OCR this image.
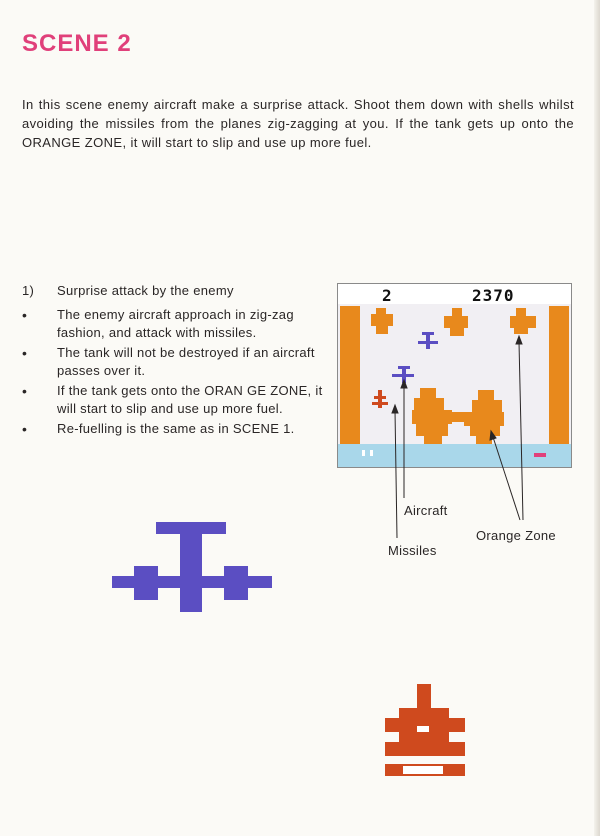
SCENE 2
In this scene enemy aircraft make a surprise attack. Shoot them down with shells whilst avoiding the missiles from the planes zig-zagging at you. If the tank gets up onto the ORANGE ZONE, it will start to slip and use up more fuel.
1)	Surprise attack by the enemy
•	The enemy aircraft approach in zig-zag fashion, and attack with missiles.
•	The tank will not be destroyed if an aircraft passes over it.
•	If the tank gets onto the ORAN GE ZONE, it will start to slip and use up more fuel.
•	Re-fuelling is the same as in SCENE 1.
2	2370
Aircraft
Missiles
Orange Zone
